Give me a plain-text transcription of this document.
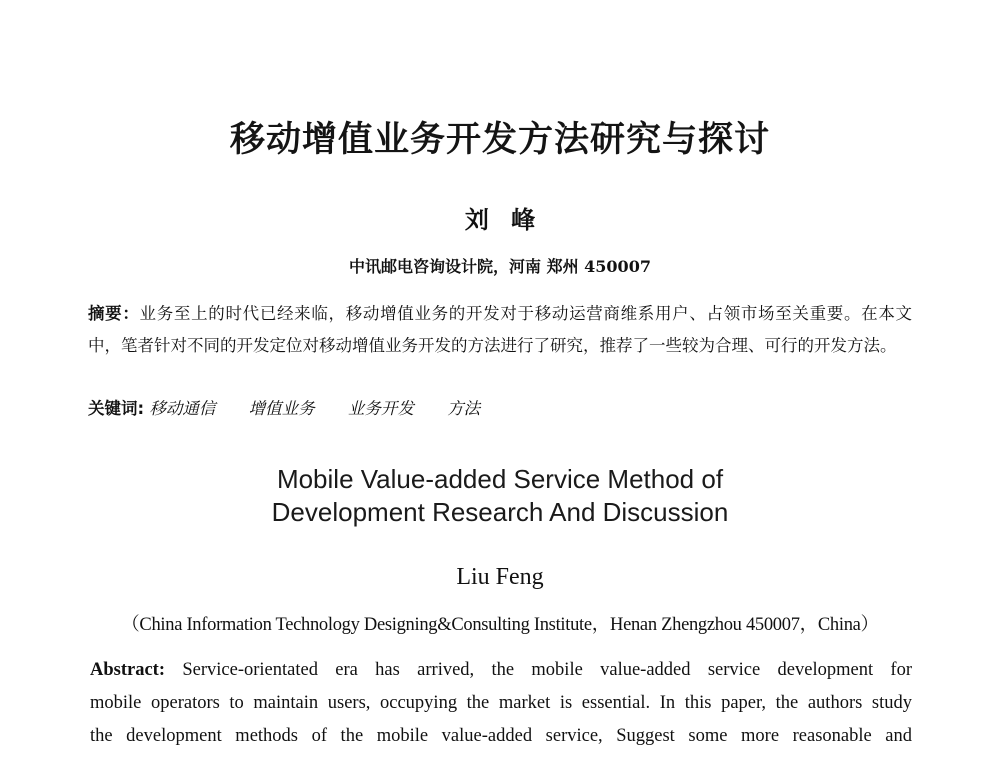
移动增值业务开发方法研究与探讨
刘 峰
中讯邮电咨询设计院，河南 郑州 450007
摘要：业务至上的时代已经来临，移动增值业务的开发对于移动运营商维系用户、占领市场至关重要。在本文中，笔者针对不同的开发定位对移动增值业务开发的方法进行了研究，推荐了一些较为合理、可行的开发方法。
关键词: 移动通信 增值业务 业务开发 方法
Mobile Value-added Service Method of
Development Research And Discussion
Liu Feng
（China Information Technology Designing&Consulting Institute，Henan Zhengzhou 450007，China）
Abstract: Service-orientated era has arrived, the mobile value-added service development for
mobile operators to maintain users, occupying the market is essential. In this paper, the authors study
the development methods of the mobile value-added service, Suggest some more reasonable and
